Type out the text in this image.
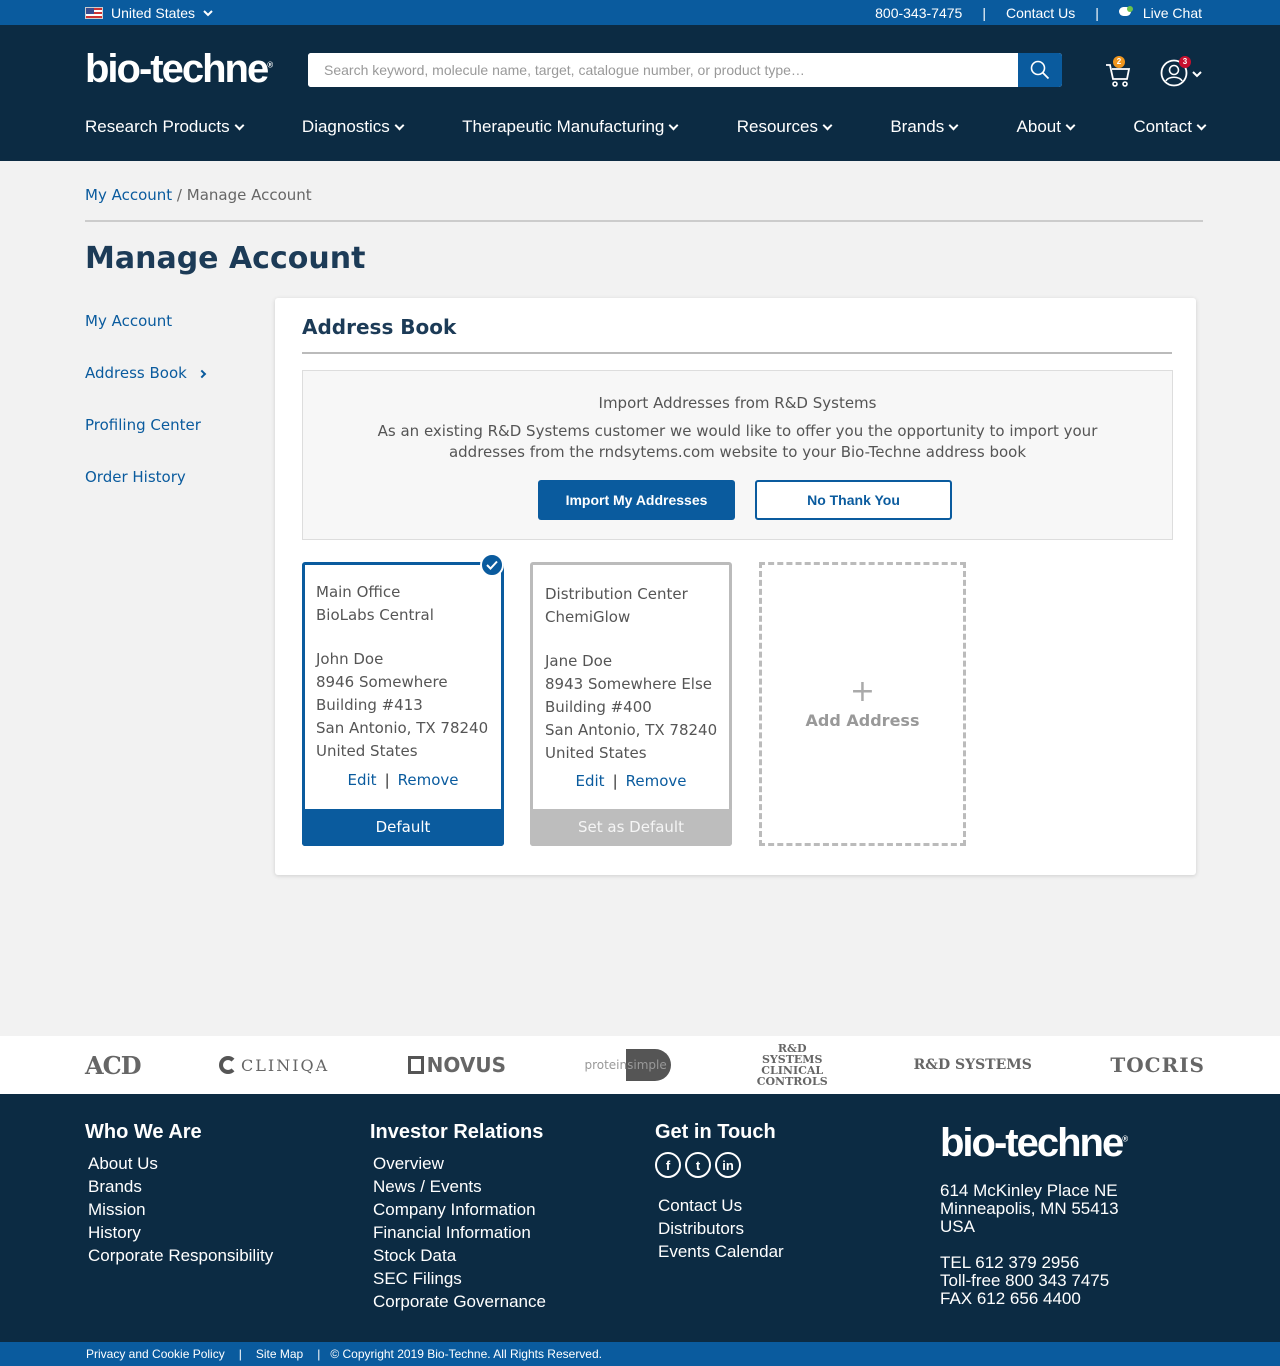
United States	800-343-7475 | Contact Us |	Live Chat
bio-techne®
Search keyword, molecule name, target, catalogue number, or product type…	2	3
Research Products	Diagnostics	Therapeutic Manufacturing	Resources	Brands	About	Contact
My Account / Manage Account
Manage Account
My Account
Address Book
Profiling Center
Order History
Address Book
Import Addresses from R&D Systems
As an existing R&D Systems customer we would like to offer you the opportunity to import your addresses from the rndsytems.com website to your Bio-Techne address book
Import My Addresses	No Thank You
Main Office
BioLabs Central
John Doe
8946 Somewhere
Building #413
San Antonio, TX 78240
United States
Edit | Remove
Default
Distribution Center
ChemiGlow
Jane Doe
8943 Somewhere Else
Building #400
San Antonio, TX 78240
United States
Edit | Remove
Set as Default
+
Add Address
ACD	CLINIQA	NOVUS	proteinsimple
R&D SYSTEMS CLINICAL CONTROLS
R&D SYSTEMS	TOCRIS
Who We Are
About Us
Brands
Mission
History
Corporate Responsibility
Investor Relations
Overview
News / Events
Company Information
Financial Information
Stock Data
SEC Filings
Corporate Governance
Get in Touch
f	t	in
Contact Us
Distributors
Events Calendar
bio-techne®
614 McKinley Place NE
Minneapolis, MN 55413
USA
TEL 612 379 2956
Toll-free 800 343 7475
FAX 612 656 4400
Privacy and Cookie Policy | Site Map | © Copyright 2019 Bio-Techne. All Rights Reserved.
